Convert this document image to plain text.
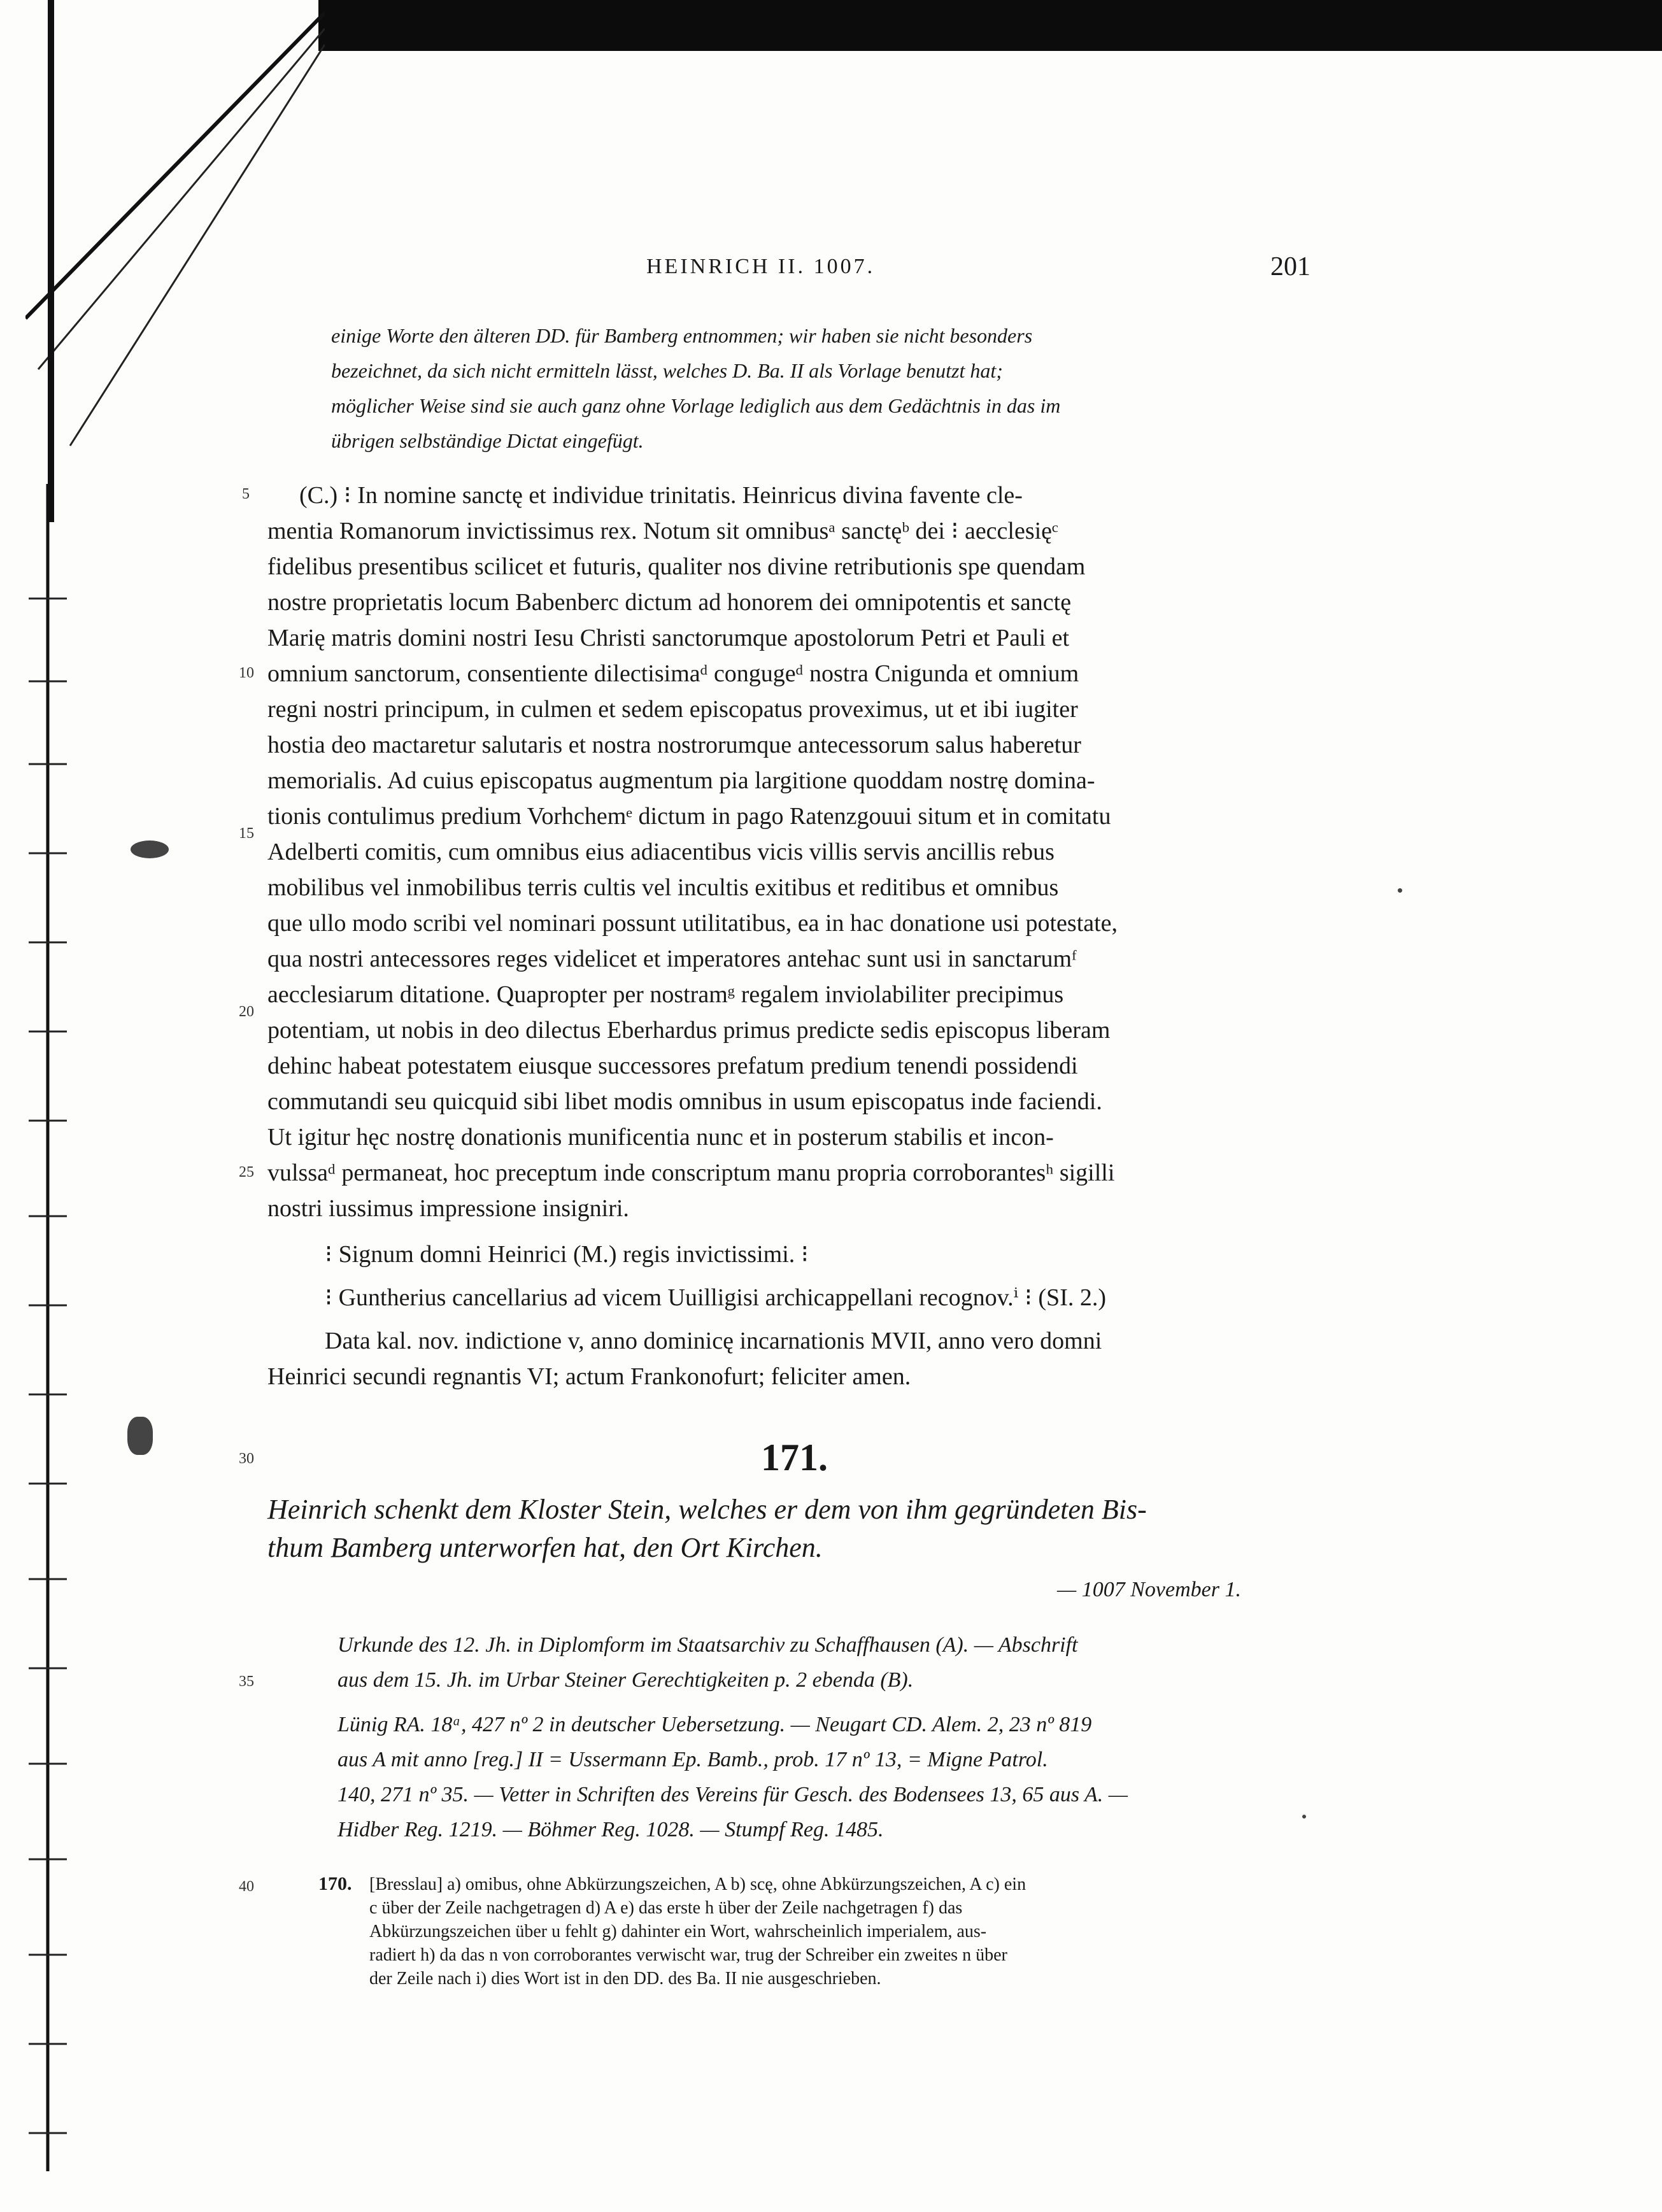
HEINRICH II. 1007.	201
einige Worte den älteren DD. für Bamberg entnommen; wir haben sie nicht besonders
bezeichnet, da sich nicht ermitteln lässt, welches D. Ba. II als Vorlage benutzt hat;
möglicher Weise sind sie auch ganz ohne Vorlage lediglich aus dem Gedächtnis in das im
übrigen selbständige Dictat eingefügt.
5
10
15
20
25
30
35
40
(C.) ⁝ In nomine sanctę et individue trinitatis. Heinricus divina favente cle-
mentia Romanorum invictissimus rex. Notum sit omnibusᵃ sanctęᵇ dei ⁝ aecclesięᶜ
fidelibus presentibus scilicet et futuris, qualiter nos divine retributionis spe quendam
nostre proprietatis locum Babenberc dictum ad honorem dei omnipotentis et sanctę
Marię matris domini nostri Iesu Christi sanctorumque apostolorum Petri et Pauli et
omnium sanctorum, consentiente dilectisimaᵈ congugeᵈ nostra Cnigunda et omnium
regni nostri principum, in culmen et sedem episcopatus proveximus, ut et ibi iugiter
hostia deo mactaretur salutaris et nostra nostrorumque antecessorum salus haberetur
memorialis. Ad cuius episcopatus augmentum pia largitione quoddam nostrę domina-
tionis contulimus predium Vorhchemᵉ dictum in pago Ratenzgouui situm et in comitatu
Adelberti comitis, cum omnibus eius adiacentibus vicis villis servis ancillis rebus
mobilibus vel inmobilibus terris cultis vel incultis exitibus et reditibus et omnibus
que ullo modo scribi vel nominari possunt utilitatibus, ea in hac donatione usi potestate,
qua nostri antecessores reges videlicet et imperatores antehac sunt usi in sanctarumᶠ
aecclesiarum ditatione. Quapropter per nostramᵍ regalem inviolabiliter precipimus
potentiam, ut nobis in deo dilectus Eberhardus primus predicte sedis episcopus liberam
dehinc habeat potestatem eiusque successores prefatum predium tenendi possidendi
commutandi seu quicquid sibi libet modis omnibus in usum episcopatus inde faciendi.
Ut igitur hęc nostrę donationis munificentia nunc et in posterum stabilis et incon-
vulssaᵈ permaneat, hoc preceptum inde conscriptum manu propria corroborantesʰ sigilli
nostri iussimus impressione insigniri.
⁝ Signum domni Heinrici (M.) regis invictissimi. ⁝
⁝ Guntherius cancellarius ad vicem Uuilligisi archicappellani recognov.ⁱ ⁝ (SI. 2.)
Data kal. nov. indictione v, anno dominicę incarnationis MVII, anno vero domni
Heinrici secundi regnantis VI; actum Frankonofurt; feliciter amen.
171.
Heinrich schenkt dem Kloster Stein, welches er dem von ihm gegründeten Bis-
thum Bamberg unterworfen hat, den Ort Kirchen.
— 1007 November 1.
Urkunde des 12. Jh. in Diplomform im Staatsarchiv zu Schaffhausen (A). — Abschrift
aus dem 15. Jh. im Urbar Steiner Gerechtigkeiten p. 2 ebenda (B).
Lünig RA. 18ᵃ, 427 nº 2 in deutscher Uebersetzung. — Neugart CD. Alem. 2, 23 nº 819
aus A mit anno [reg.] II = Ussermann Ep. Bamb., prob. 17 nº 13, = Migne Patrol.
140, 271 nº 35. — Vetter in Schriften des Vereins für Gesch. des Bodensees 13, 65 aus A. —
Hidber Reg. 1219. — Böhmer Reg. 1028. — Stumpf Reg. 1485.
170. [Bresslau] a) omibus, ohne Abkürzungszeichen, A b) scę, ohne Abkürzungszeichen, A c) ein
c über der Zeile nachgetragen d) A e) das erste h über der Zeile nachgetragen f) das
Abkürzungszeichen über u fehlt g) dahinter ein Wort, wahrscheinlich imperialem, aus-
radiert h) da das n von corroborantes verwischt war, trug der Schreiber ein zweites n über
der Zeile nach i) dies Wort ist in den DD. des Ba. II nie ausgeschrieben.
